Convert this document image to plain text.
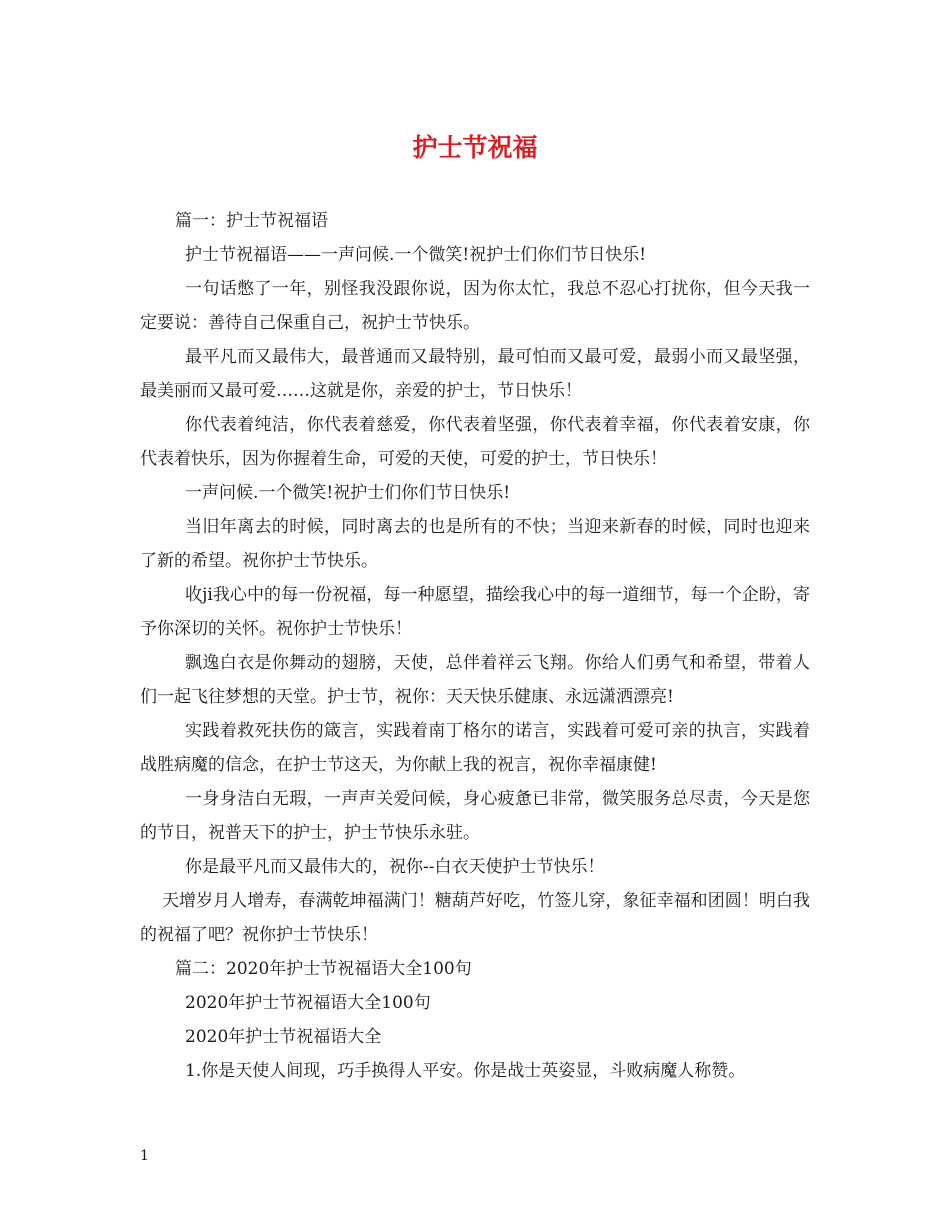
护士节祝福

篇一：护士节祝福语

护士节祝福语——一声问候.一个微笑!祝护士们你们节日快乐!

一句话憋了一年，别怪我没跟你说，因为你太忙，我总不忍心打扰你，但今天我一定要说：善待自己保重自己，祝护士节快乐。

最平凡而又最伟大，最普通而又最特别，最可怕而又最可爱，最弱小而又最坚强，最美丽而又最可爱……这就是你，亲爱的护士，节日快乐！

你代表着纯洁，你代表着慈爱，你代表着坚强，你代表着幸福，你代表着安康，你代表着快乐，因为你握着生命，可爱的天使，可爱的护士，节日快乐！

一声问候.一个微笑!祝护士们你们节日快乐!

当旧年离去的时候，同时离去的也是所有的不快；当迎来新春的时候，同时也迎来了新的希望。祝你护士节快乐。

收ji我心中的每一份祝福，每一种愿望，描绘我心中的每一道细节，每一个企盼，寄予你深切的关怀。祝你护士节快乐！

飘逸白衣是你舞动的翅膀，天使，总伴着祥云飞翔。你给人们勇气和希望，带着人们一起飞往梦想的天堂。护士节，祝你：天天快乐健康、永远潇洒漂亮!

实践着救死扶伤的箴言，实践着南丁格尔的诺言，实践着可爱可亲的执言，实践着战胜病魔的信念，在护士节这天，为你献上我的祝言，祝你幸福康健!

一身身洁白无瑕，一声声关爱问候，身心疲惫已非常，微笑服务总尽责，今天是您的节日，祝普天下的护士，护士节快乐永驻。

你是最平凡而又最伟大的，祝你--白衣天使护士节快乐！

天增岁月人增寿，春满乾坤福满门！糖葫芦好吃，竹签儿穿，象征幸福和团圆！明白我的祝福了吧？祝你护士节快乐！

篇二：2020年护士节祝福语大全100句

2020年护士节祝福语大全100句

2020年护士节祝福语大全

1.你是天使人间现，巧手换得人平安。你是战士英姿显，斗败病魔人称赞。

1
